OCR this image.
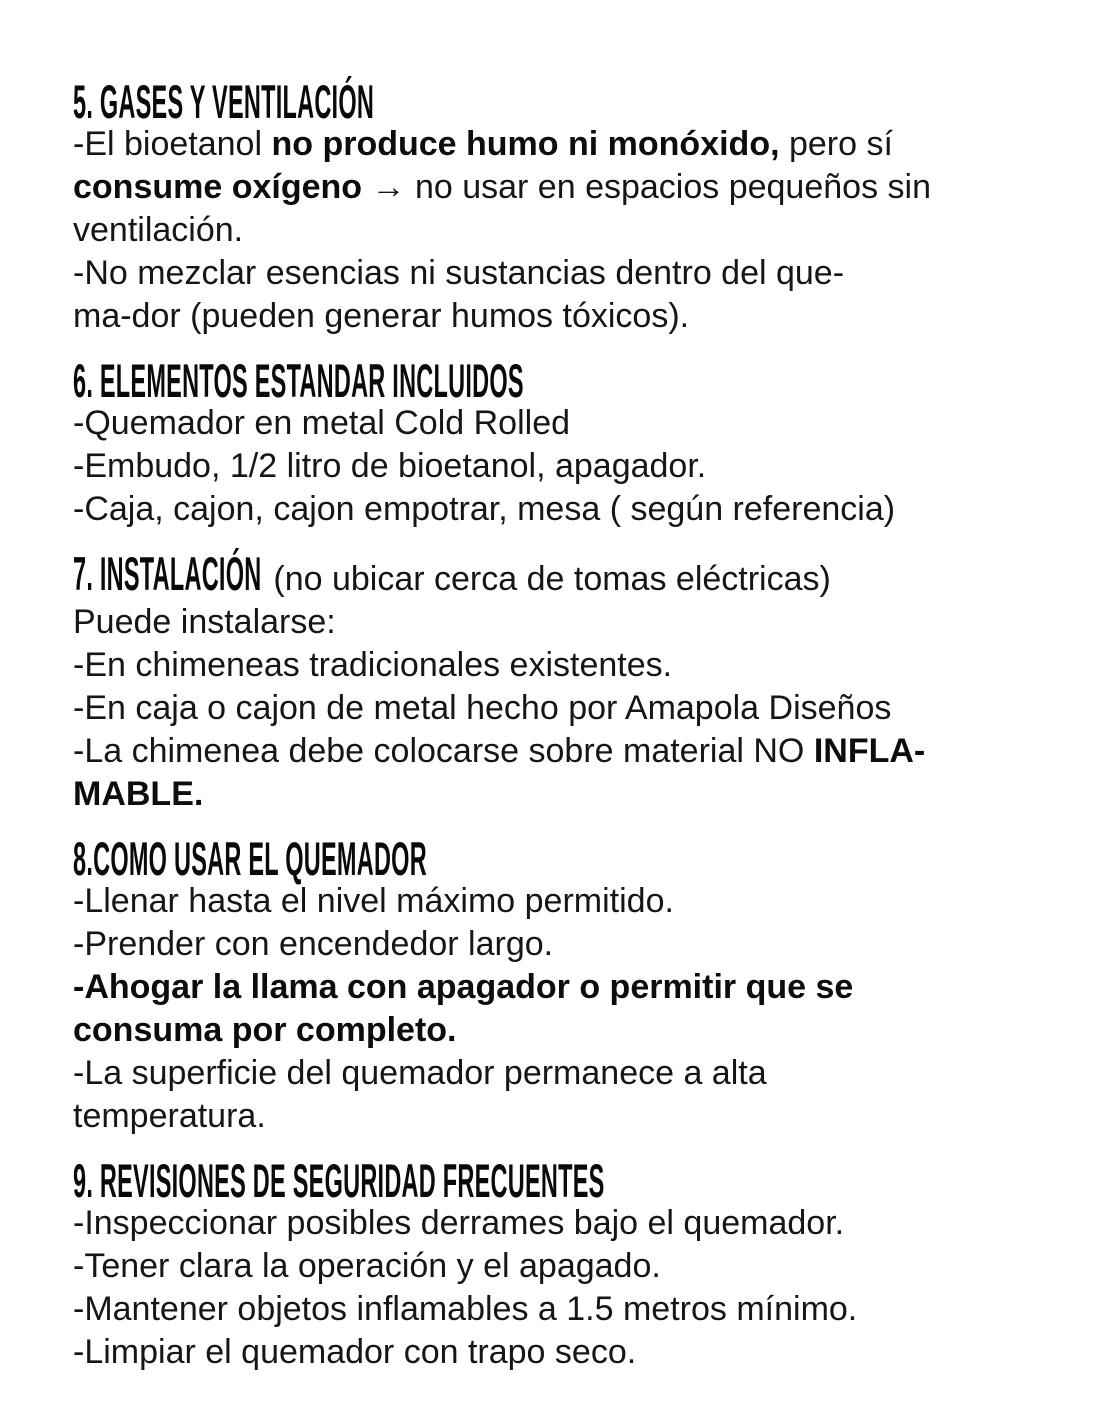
5. GASES Y VENTILACIÓN
-El bioetanol no produce humo ni monóxido, pero sí
consume oxígeno → no usar en espacios pequeños sin
ventilación.
-No mezclar esencias ni sustancias dentro del que-
ma-dor (pueden generar humos tóxicos).
6. ELEMENTOS ESTANDAR INCLUIDOS
-Quemador en metal Cold Rolled
-Embudo, 1/2 litro de bioetanol, apagador.
-Caja, cajon, cajon empotrar, mesa ( según referencia)
7. INSTALACIÓN (no ubicar cerca de tomas eléctricas)
Puede instalarse:
-En chimeneas tradicionales existentes.
-En caja o cajon de metal hecho por Amapola Diseños
-La chimenea debe colocarse sobre material NO INFLA-
MABLE.
8.COMO USAR EL QUEMADOR
-Llenar hasta el nivel máximo permitido.
-Prender con encendedor largo.
-Ahogar la llama con apagador o permitir que se
consuma por completo.
-La superficie del quemador permanece a alta
temperatura.
9. REVISIONES DE SEGURIDAD FRECUENTES
-Inspeccionar posibles derrames bajo el quemador.
-Tener clara la operación y el apagado.
-Mantener objetos inflamables a 1.5 metros mínimo.
-Limpiar el quemador con trapo seco.
